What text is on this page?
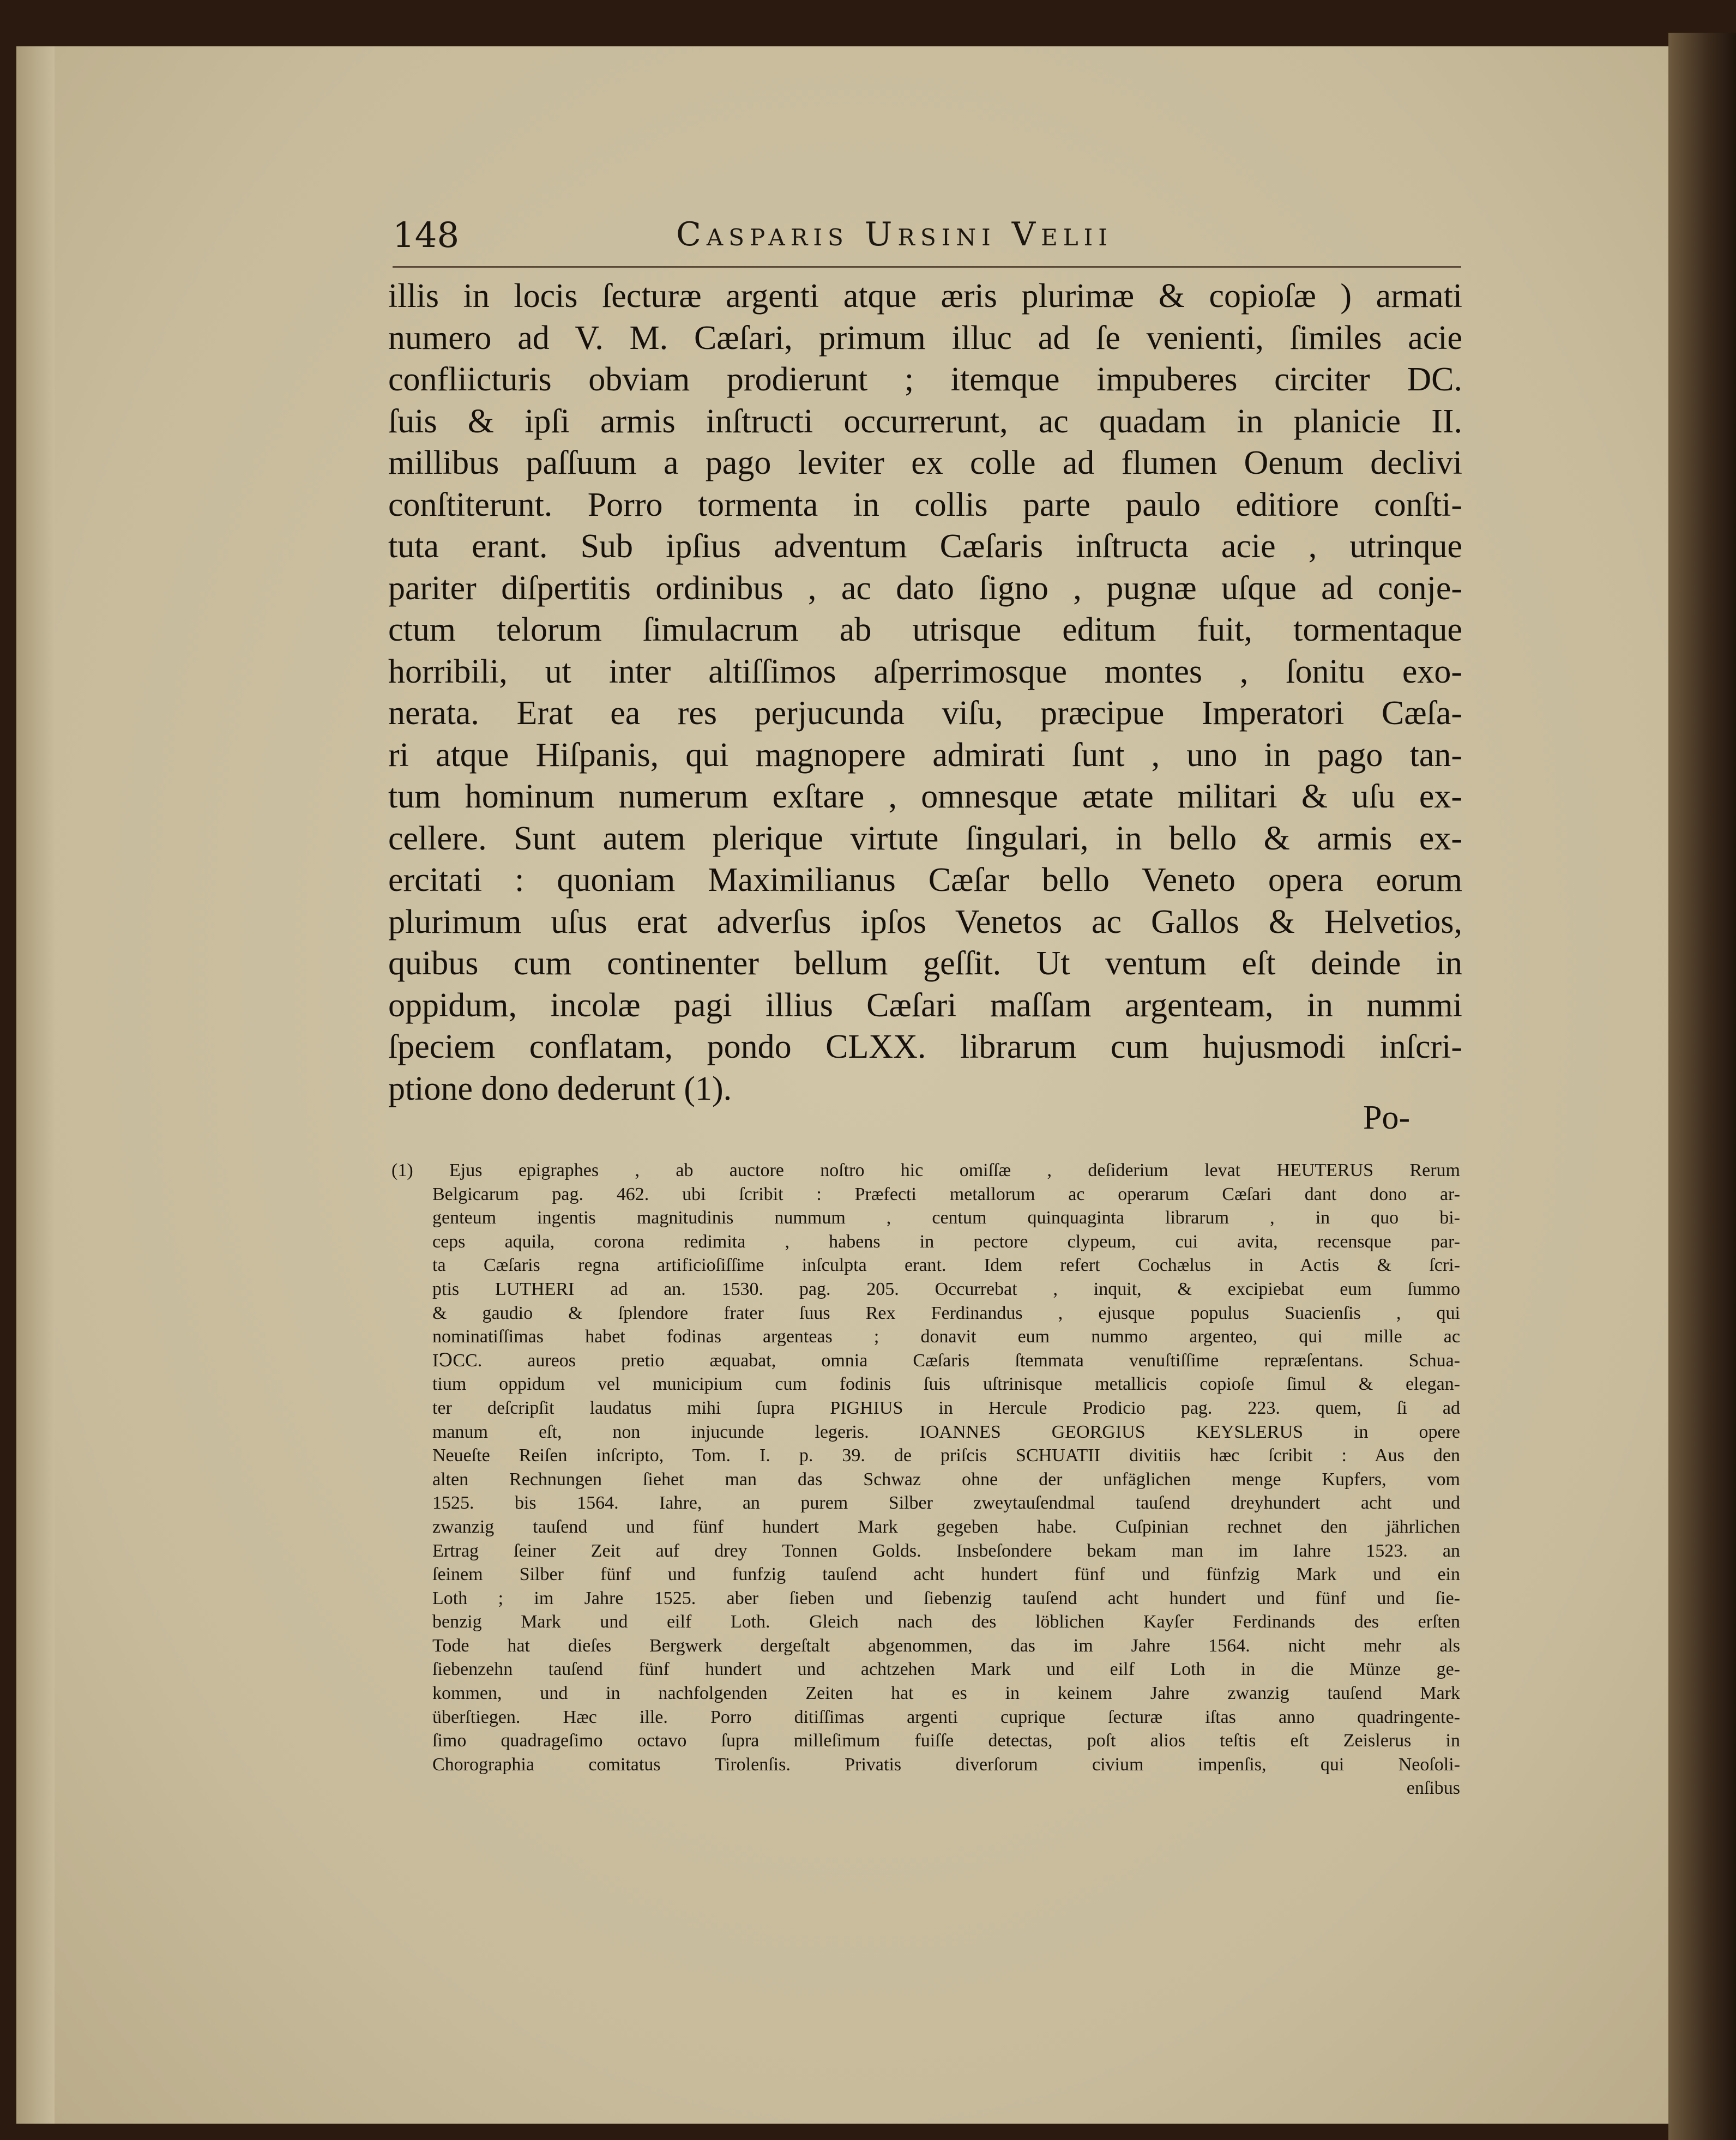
148	Casparis Ursini Velii
illis in locis ſecturæ argenti atque æris plurimæ & copioſæ ) armati
numero ad V. M. Cæſari, primum illuc ad ſe venienti, ſimiles acie
confliicturis obviam prodierunt ; itemque impuberes circiter DC.
ſuis & ipſi armis inſtructi occurrerunt, ac quadam in planicie II.
millibus paſſuum a pago leviter ex colle ad flumen Oenum declivi
conſtiterunt. Porro tormenta in collis parte paulo editiore conſti-
tuta erant. Sub ipſius adventum Cæſaris inſtructa acie , utrinque
pariter diſpertitis ordinibus , ac dato ſigno , pugnæ uſque ad conje-
ctum telorum ſimulacrum ab utrisque editum fuit, tormentaque
horribili, ut inter altiſſimos aſperrimosque montes , ſonitu exo-
nerata. Erat ea res perjucunda viſu, præcipue Imperatori Cæſa-
ri atque Hiſpanis, qui magnopere admirati ſunt , uno in pago tan-
tum hominum numerum exſtare , omnesque ætate militari & uſu ex-
cellere. Sunt autem plerique virtute ſingulari, in bello & armis ex-
ercitati : quoniam Maximilianus Cæſar bello Veneto opera eorum
plurimum uſus erat adverſus ipſos Venetos ac Gallos & Helvetios,
quibus cum continenter bellum geſſit. Ut ventum eſt deinde in
oppidum, incolæ pagi illius Cæſari maſſam argenteam, in nummi
ſpeciem conflatam, pondo CLXX. librarum cum hujusmodi inſcri-
ptione dono dederunt (1).
Po-
(1) Ejus epigraphes , ab auctore noſtro hic omiſſæ , deſiderium levat HEUTERUS Rerum
Belgicarum pag. 462. ubi ſcribit : Præfecti metallorum ac operarum Cæſari dant dono ar-
genteum ingentis magnitudinis nummum , centum quinquaginta librarum , in quo bi-
ceps aquila, corona redimita , habens in pectore clypeum, cui avita, recensque par-
ta Cæſaris regna artificioſiſſime inſculpta erant. Idem refert Cochælus in Actis & ſcri-
ptis LUTHERI ad an. 1530. pag. 205. Occurrebat , inquit, & excipiebat eum ſummo
& gaudio & ſplendore frater ſuus Rex Ferdinandus , ejusque populus Suacienſis , qui
nominatiſſimas habet fodinas argenteas ; donavit eum nummo argenteo, qui mille ac
IↃCC. aureos pretio æquabat, omnia Cæſaris ſtemmata venuſtiſſime repræſentans. Schua-
tium oppidum vel municipium cum fodinis ſuis uſtrinisque metallicis copioſe ſimul & elegan-
ter deſcripſit laudatus mihi ſupra PIGHIUS in Hercule Prodicio pag. 223. quem, ſi ad
manum eſt, non injucunde legeris. IOANNES GEORGIUS KEYSLERUS in opere
Neueſte Reiſen inſcripto, Tom. I. p. 39. de priſcis SCHUATII divitiis hæc ſcribit : Aus den
alten Rechnungen ſiehet man das Schwaz ohne der unfäglichen menge Kupfers, vom
1525. bis 1564. Iahre, an purem Silber zweytauſendmal tauſend dreyhundert acht und
zwanzig tauſend und fünf hundert Mark gegeben habe. Cuſpinian rechnet den jährlichen
Ertrag ſeiner Zeit auf drey Tonnen Golds. Insbeſondere bekam man im Iahre 1523. an
ſeinem Silber fünf und funfzig tauſend acht hundert fünf und fünfzig Mark und ein
Loth ; im Jahre 1525. aber ſieben und ſiebenzig tauſend acht hundert und fünf und ſie-
benzig Mark und eilf Loth. Gleich nach des löblichen Kayſer Ferdinands des erſten
Tode hat dieſes Bergwerk dergeſtalt abgenommen, das im Jahre 1564. nicht mehr als
ſiebenzehn tauſend fünf hundert und achtzehen Mark und eilf Loth in die Münze ge-
kommen, und in nachfolgenden Zeiten hat es in keinem Jahre zwanzig tauſend Mark
überſtiegen. Hæc ille. Porro ditiſſimas argenti cuprique ſecturæ iſtas anno quadringente-
ſimo quadrageſimo octavo ſupra milleſimum fuiſſe detectas, poſt alios teſtis eſt Zeislerus in
Chorographia comitatus Tirolenſis. Privatis diverſorum civium impenſis, qui Neoſoli-
enſibus
